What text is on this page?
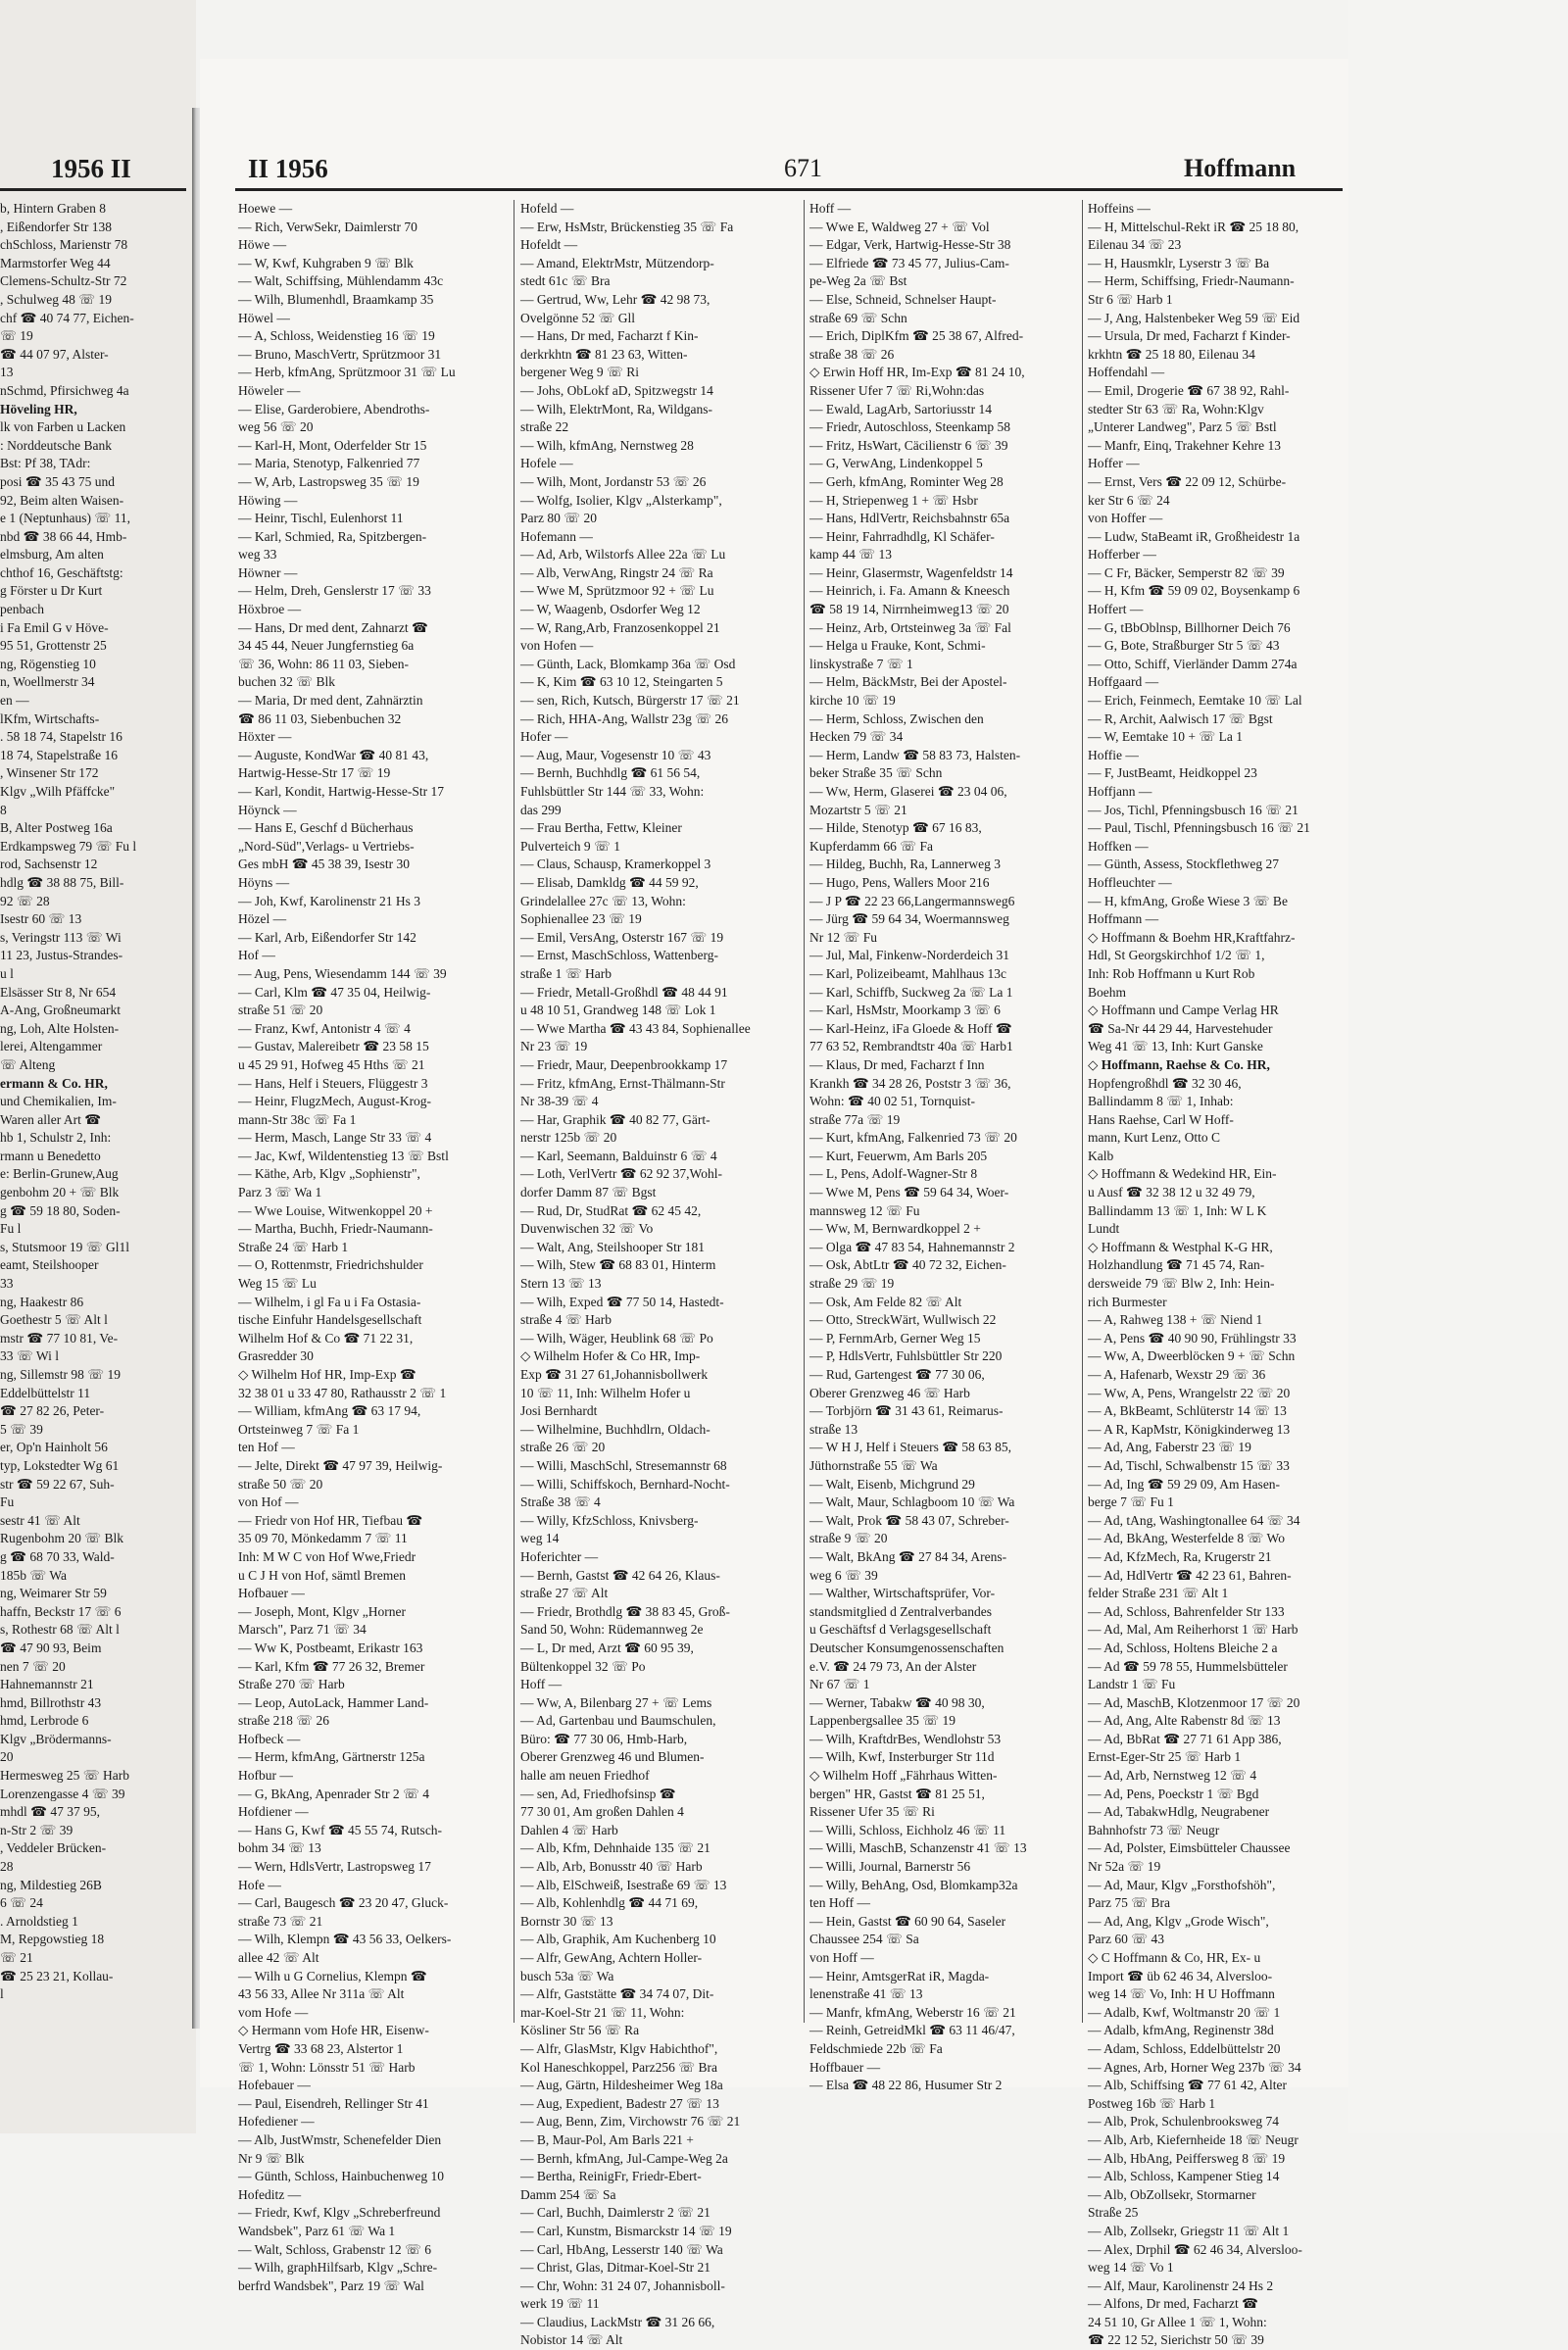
1956 II	II 1956	671	Hoffmann
b, Hintern Graben 8
, Eißendorfer Str 138
chSchloss, Marienstr 78
Marmstorfer Weg 44
Clemens-Schultz-Str 72
, Schulweg 48 ☏ 19
chf ☎ 40 74 77, Eichen-
☏ 19
☎ 44 07 97, Alster-
13
nSchmd, Pfirsichweg 4a
Höveling HR,
lk von Farben u Lacken
: Norddeutsche Bank
Bst: Pf 38, TAdr:
posi ☎ 35 43 75 und
92, Beim alten Waisen-
e 1 (Neptunhaus) ☏ 11,
nbd ☎ 38 66 44, Hmb-
elmsburg, Am alten
chthof 16, Geschäftstg:
g Förster u Dr Kurt
penbach
i Fa Emil G v Höve-
95 51, Grottenstr 25
ng, Rögenstieg 10
n, Woellmerstr 34
en —
lKfm, Wirtschafts-
. 58 18 74, Stapelstr 16
18 74, Stapelstraße 16
, Winsener Str 172
Klgv „Wilh Pfäffcke"
8
B, Alter Postweg 16a
Erdkampsweg 79 ☏ Fu l
rod, Sachsenstr 12
hdlg ☎ 38 88 75, Bill-
92 ☏ 28
Isestr 60 ☏ 13
s, Veringstr 113 ☏ Wi
11 23, Justus-Strandes-
u l
Elsässer Str 8, Nr 654
A-Ang, Großneumarkt
ng, Loh, Alte Holsten-
lerei, Altengammer
☏ Alteng
ermann & Co. HR,
und Chemikalien, Im-
Waren aller Art ☎
hb 1, Schulstr 2, Inh:
rmann u Benedetto
e: Berlin-Grunew,Aug
genbohm 20 + ☏ Blk
g ☎ 59 18 80, Soden-
Fu l
s, Stutsmoor 19 ☏ Gl1l
eamt, Steilshooper
33
ng, Haakestr 86
Goethestr 5 ☏ Alt l
mstr ☎ 77 10 81, Ve-
33 ☏ Wi l
ng, Sillemstr 98 ☏ 19
Eddelbüttelstr 11
☎ 27 82 26, Peter-
5 ☏ 39
er, Op'n Hainholt 56
typ, Lokstedter Wg 61
str ☎ 59 22 67, Suh-
Fu
sestr 41 ☏ Alt
Rugenbohm 20 ☏ Blk
g ☎ 68 70 33, Wald-
185b ☏ Wa
ng, Weimarer Str 59
haffn, Beckstr 17 ☏ 6
s, Rothestr 68 ☏ Alt l
☎ 47 90 93, Beim
nen 7 ☏ 20
Hahnemannstr 21
hmd, Billrothstr 43
hmd, Lerbrode 6
Klgv „Brödermanns-
20
Hermesweg 25 ☏ Harb
Lorenzengasse 4 ☏ 39
mhdl ☎ 47 37 95,
n-Str 2 ☏ 39
, Veddeler Brücken-
28
ng, Mildestieg 26B
6 ☏ 24
. Arnoldstieg 1
M, Repgowstieg 18
☏ 21
☎ 25 23 21, Kollau-
l
Hoewe —
— Rich, VerwSekr, Daimlerstr 70
Höwe —
— W, Kwf, Kuhgraben 9 ☏ Blk
— Walt, Schiffsing, Mühlendamm 43c
— Wilh, Blumenhdl, Braamkamp 35
Höwel —
— A, Schloss, Weidenstieg 16 ☏ 19
— Bruno, MaschVertr, Sprützmoor 31
— Herb, kfmAng, Sprützmoor 31 ☏ Lu
Höweler —
— Elise, Garderobiere, Abendroths-
weg 56 ☏ 20
— Karl-H, Mont, Oderfelder Str 15
— Maria, Stenotyp, Falkenried 77
— W, Arb, Lastropsweg 35 ☏ 19
Höwing —
— Heinr, Tischl, Eulenhorst 11
— Karl, Schmied, Ra, Spitzbergen-
weg 33
Höwner —
— Helm, Dreh, Genslerstr 17 ☏ 33
Höxbroe —
— Hans, Dr med dent, Zahnarzt ☎
34 45 44, Neuer Jungfernstieg 6a
☏ 36, Wohn: 86 11 03, Sieben-
buchen 32 ☏ Blk
— Maria, Dr med dent, Zahnärztin
☎ 86 11 03, Siebenbuchen 32
Höxter —
— Auguste, KondWar ☎ 40 81 43,
Hartwig-Hesse-Str 17 ☏ 19
— Karl, Kondit, Hartwig-Hesse-Str 17
Höynck —
— Hans E, Geschf d Bücherhaus
„Nord-Süd",Verlags- u Vertriebs-
Ges mbH ☎ 45 38 39, Isestr 30
Höyns —
— Joh, Kwf, Karolinenstr 21 Hs 3
Hözel —
— Karl, Arb, Eißendorfer Str 142
Hof —
— Aug, Pens, Wiesendamm 144 ☏ 39
— Carl, Klm ☎ 47 35 04, Heilwig-
straße 51 ☏ 20
— Franz, Kwf, Antonistr 4 ☏ 4
— Gustav, Malereibetr ☎ 23 58 15
u 45 29 91, Hofweg 45 Hths ☏ 21
— Hans, Helf i Steuers, Flüggestr 3
— Heinr, FlugzMech, August-Krog-
mann-Str 38c ☏ Fa 1
— Herm, Masch, Lange Str 33 ☏ 4
— Jac, Kwf, Wildentenstieg 13 ☏ Bstl
— Käthe, Arb, Klgv „Sophienstr",
Parz 3 ☏ Wa 1
— Wwe Louise, Witwenkoppel 20 +
— Martha, Buchh, Friedr-Naumann-
Straße 24 ☏ Harb 1
— O, Rottenmstr, Friedrichshulder
Weg 15 ☏ Lu
— Wilhelm, i gl Fa u i Fa Ostasia-
tische Einfuhr Handelsgesellschaft
Wilhelm Hof & Co ☎ 71 22 31,
Grasredder 30
◇ Wilhelm Hof HR, Imp-Exp ☎
32 38 01 u 33 47 80, Rathausstr 2 ☏ 1
— William, kfmAng ☎ 63 17 94,
Ortsteinweg 7 ☏ Fa 1
ten Hof —
— Jelte, Direkt ☎ 47 97 39, Heilwig-
straße 50 ☏ 20
von Hof —
— Friedr von Hof HR, Tiefbau ☎
35 09 70, Mönkedamm 7 ☏ 11
Inh: M W C von Hof Wwe,Friedr
u C J H von Hof, sämtl Bremen
Hofbauer —
— Joseph, Mont, Klgv „Horner
Marsch", Parz 71 ☏ 34
— Ww K, Postbeamt, Erikastr 163
— Karl, Kfm ☎ 77 26 32, Bremer
Straße 270 ☏ Harb
— Leop, AutoLack, Hammer Land-
straße 218 ☏ 26
Hofbeck —
— Herm, kfmAng, Gärtnerstr 125a
Hofbur —
— G, BkAng, Apenrader Str 2 ☏ 4
Hofdiener —
— Hans G, Kwf ☎ 45 55 74, Rutsch-
bohm 34 ☏ 13
— Wern, HdlsVertr, Lastropsweg 17
Hofe —
— Carl, Baugesch ☎ 23 20 47, Gluck-
straße 73 ☏ 21
— Wilh, Klempn ☎ 43 56 33, Oelkers-
allee 42 ☏ Alt
— Wilh u G Cornelius, Klempn ☎
43 56 33, Allee Nr 311a ☏ Alt
vom Hofe —
◇ Hermann vom Hofe HR, Eisenw-
Vertrg ☎ 33 68 23, Alstertor 1
☏ 1, Wohn: Lönsstr 51 ☏ Harb
Hofebauer —
— Paul, Eisendreh, Rellinger Str 41
Hofediener —
— Alb, JustWmstr, Schenefelder Dien
Nr 9 ☏ Blk
— Günth, Schloss, Hainbuchenweg 10
Hofeditz —
— Friedr, Kwf, Klgv „Schreberfreund
Wandsbek", Parz 61 ☏ Wa 1
— Walt, Schloss, Grabenstr 12 ☏ 6
— Wilh, graphHilfsarb, Klgv „Schre-
berfrd Wandsbek", Parz 19 ☏ Wal
Hofeld —
— Erw, HsMstr, Brückenstieg 35 ☏ Fa
Hofeldt —
— Amand, ElektrMstr, Mützendorp-
stedt 61c ☏ Bra
— Gertrud, Ww, Lehr ☎ 42 98 73,
Ovelgönne 52 ☏ Gll
— Hans, Dr med, Facharzt f Kin-
derkrkhtn ☎ 81 23 63, Witten-
bergener Weg 9 ☏ Ri
— Johs, ObLokf aD, Spitzwegstr 14
— Wilh, ElektrMont, Ra, Wildgans-
straße 22
— Wilh, kfmAng, Nernstweg 28
Hofele —
— Wilh, Mont, Jordanstr 53 ☏ 26
— Wolfg, Isolier, Klgv „Alsterkamp",
Parz 80 ☏ 20
Hofemann —
— Ad, Arb, Wilstorfs Allee 22a ☏ Lu
— Alb, VerwAng, Ringstr 24 ☏ Ra
— Wwe M, Sprützmoor 92 + ☏ Lu
— W, Waagenb, Osdorfer Weg 12
— W, Rang,Arb, Franzosenkoppel 21
von Hofen —
— Günth, Lack, Blomkamp 36a ☏ Osd
— K, Kim ☎ 63 10 12, Steingarten 5
— sen, Rich, Kutsch, Bürgerstr 17 ☏ 21
— Rich, HHA-Ang, Wallstr 23g ☏ 26
Hofer —
— Aug, Maur, Vogesenstr 10 ☏ 43
— Bernh, Buchhdlg ☎ 61 56 54,
Fuhlsbüttler Str 144 ☏ 33, Wohn:
das 299
— Frau Bertha, Fettw, Kleiner
Pulverteich 9 ☏ 1
— Claus, Schausp, Kramerkoppel 3
— Elisab, Damkldg ☎ 44 59 92,
Grindelallee 27c ☏ 13, Wohn:
Sophienallee 23 ☏ 19
— Emil, VersAng, Osterstr 167 ☏ 19
— Ernst, MaschSchloss, Wattenberg-
straße 1 ☏ Harb
— Friedr, Metall-Großhdl ☎ 48 44 91
u 48 10 51, Grandweg 148 ☏ Lok 1
— Wwe Martha ☎ 43 43 84, Sophienallee
Nr 23 ☏ 19
— Friedr, Maur, Deepenbrookkamp 17
— Fritz, kfmAng, Ernst-Thälmann-Str
Nr 38-39 ☏ 4
— Har, Graphik ☎ 40 82 77, Gärt-
nerstr 125b ☏ 20
— Karl, Seemann, Balduinstr 6 ☏ 4
— Loth, VerlVertr ☎ 62 92 37,Wohl-
dorfer Damm 87 ☏ Bgst
— Rud, Dr, StudRat ☎ 62 45 42,
Duvenwischen 32 ☏ Vo
— Walt, Ang, Steilshooper Str 181
— Wilh, Stew ☎ 68 83 01, Hinterm
Stern 13 ☏ 13
— Wilh, Exped ☎ 77 50 14, Hastedt-
straße 4 ☏ Harb
— Wilh, Wäger, Heublink 68 ☏ Po
◇ Wilhelm Hofer & Co HR, Imp-
Exp ☎ 31 27 61,Johannisbollwerk
10 ☏ 11, Inh: Wilhelm Hofer u
Josi Bernhardt
— Wilhelmine, Buchhdlrn, Oldach-
straße 26 ☏ 20
— Willi, MaschSchl, Stresemannstr 68
— Willi, Schiffskoch, Bernhard-Nocht-
Straße 38 ☏ 4
— Willy, KfzSchloss, Knivsberg-
weg 14
Hoferichter —
— Bernh, Gastst ☎ 42 64 26, Klaus-
straße 27 ☏ Alt
— Friedr, Brothdlg ☎ 38 83 45, Groß-
Sand 50, Wohn: Rüdemannweg 2e
— L, Dr med, Arzt ☎ 60 95 39,
Bültenkoppel 32 ☏ Po
Hoff —
— Ww, A, Bilenbarg 27 + ☏ Lems
— Ad, Gartenbau und Baumschulen,
Büro: ☎ 77 30 06, Hmb-Harb,
Oberer Grenzweg 46 und Blumen-
halle am neuen Friedhof
— sen, Ad, Friedhofsinsp ☎
77 30 01, Am großen Dahlen 4
Dahlen 4 ☏ Harb
— Alb, Kfm, Dehnhaide 135 ☏ 21
— Alb, Arb, Bonusstr 40 ☏ Harb
— Alb, ElSchweiß, Isestraße 69 ☏ 13
— Alb, Kohlenhdlg ☎ 44 71 69,
Bornstr 30 ☏ 13
— Alb, Graphik, Am Kuchenberg 10
— Alfr, GewAng, Achtern Holler-
busch 53a ☏ Wa
— Alfr, Gaststätte ☎ 34 74 07, Dit-
mar-Koel-Str 21 ☏ 11, Wohn:
Kösliner Str 56 ☏ Ra
— Alfr, GlasMstr, Klgv Habichthof",
Kol Haneschkoppel, Parz256 ☏ Bra
— Aug, Gärtn, Hildesheimer Weg 18a
— Aug, Expedient, Badestr 27 ☏ 13
— Aug, Benn, Zim, Virchowstr 76 ☏ 21
— B, Maur-Pol, Am Barls 221 +
— Bernh, kfmAng, Jul-Campe-Weg 2a
— Bertha, ReinigFr, Friedr-Ebert-
Damm 254 ☏ Sa
— Carl, Buchh, Daimlerstr 2 ☏ 21
— Carl, Kunstm, Bismarckstr 14 ☏ 19
— Carl, HbAng, Lesserstr 140 ☏ Wa
— Christ, Glas, Ditmar-Koel-Str 21
— Chr, Wohn: 31 24 07, Johannisboll-
werk 19 ☏ 11
— Claudius, LackMstr ☎ 31 26 66,
Nobistor 14 ☏ Alt
Hoff —
— Wwe E, Waldweg 27 + ☏ Vol
— Edgar, Verk, Hartwig-Hesse-Str 38
— Elfriede ☎ 73 45 77, Julius-Cam-
pe-Weg 2a ☏ Bst
— Else, Schneid, Schnelser Haupt-
straße 69 ☏ Schn
— Erich, DiplKfm ☎ 25 38 67, Alfred-
straße 38 ☏ 26
◇ Erwin Hoff HR, Im-Exp ☎ 81 24 10,
Rissener Ufer 7 ☏ Ri,Wohn:das
— Ewald, LagArb, Sartoriusstr 14
— Friedr, Autoschloss, Steenkamp 58
— Fritz, HsWart, Cäcilienstr 6 ☏ 39
— G, VerwAng, Lindenkoppel 5
— Gerh, kfmAng, Rominter Weg 28
— H, Striepenweg 1 + ☏ Hsbr
— Hans, HdlVertr, Reichsbahnstr 65a
— Heinr, Fahrradhdlg, Kl Schäfer-
kamp 44 ☏ 13
— Heinr, Glasermstr, Wagenfeldstr 14
— Heinrich, i. Fa. Amann & Kneesch
☎ 58 19 14, Nirrnheimweg13 ☏ 20
— Heinz, Arb, Ortsteinweg 3a ☏ Fal
— Helga u Frauke, Kont, Schmi-
linskystraße 7 ☏ 1
— Helm, BäckMstr, Bei der Apostel-
kirche 10 ☏ 19
— Herm, Schloss, Zwischen den
Hecken 79 ☏ 34
— Herm, Landw ☎ 58 83 73, Halsten-
beker Straße 35 ☏ Schn
— Ww, Herm, Glaserei ☎ 23 04 06,
Mozartstr 5 ☏ 21
— Hilde, Stenotyp ☎ 67 16 83,
Kupferdamm 66 ☏ Fa
— Hildeg, Buchh, Ra, Lannerweg 3
— Hugo, Pens, Wallers Moor 216
— J P ☎ 22 23 66,Langermannsweg6
— Jürg ☎ 59 64 34, Woermannsweg
Nr 12 ☏ Fu
— Jul, Mal, Finkenw-Norderdeich 31
— Karl, Polizeibeamt, Mahlhaus 13c
— Karl, Schiffb, Suckweg 2a ☏ La 1
— Karl, HsMstr, Moorkamp 3 ☏ 6
— Karl-Heinz, iFa Gloede & Hoff ☎
77 63 52, Rembrandtstr 40a ☏ Harb1
— Klaus, Dr med, Facharzt f Inn
Krankh ☎ 34 28 26, Poststr 3 ☏ 36,
Wohn: ☎ 40 02 51, Tornquist-
straße 77a ☏ 19
— Kurt, kfmAng, Falkenried 73 ☏ 20
— Kurt, Feuerwm, Am Barls 205
— L, Pens, Adolf-Wagner-Str 8
— Wwe M, Pens ☎ 59 64 34, Woer-
mannsweg 12 ☏ Fu
— Ww, M, Bernwardkoppel 2 +
— Olga ☎ 47 83 54, Hahnemannstr 2
— Osk, AbtLtr ☎ 40 72 32, Eichen-
straße 29 ☏ 19
— Osk, Am Felde 82 ☏ Alt
— Otto, StreckWärt, Wullwisch 22
— P, FernmArb, Gerner Weg 15
— P, HdlsVertr, Fuhlsbüttler Str 220
— Rud, Gartengest ☎ 77 30 06,
Oberer Grenzweg 46 ☏ Harb
— Torbjörn ☎ 31 43 61, Reimarus-
straße 13
— W H J, Helf i Steuers ☎ 58 63 85,
Jüthornstraße 55 ☏ Wa
— Walt, Eisenb, Michgrund 29
— Walt, Maur, Schlagboom 10 ☏ Wa
— Walt, Prok ☎ 58 43 07, Schreber-
straße 9 ☏ 20
— Walt, BkAng ☎ 27 84 34, Arens-
weg 6 ☏ 39
— Walther, Wirtschaftsprüfer, Vor-
standsmitglied d Zentralverbandes
u Geschäftsf d Verlagsgesellschaft
Deutscher Konsumgenossenschaften
e.V. ☎ 24 79 73, An der Alster
Nr 67 ☏ 1
— Werner, Tabakw ☎ 40 98 30,
Lappenbergsallee 35 ☏ 19
— Wilh, KraftdrBes, Wendlohstr 53
— Wilh, Kwf, Insterburger Str 11d
◇ Wilhelm Hoff „Fährhaus Witten-
bergen" HR, Gastst ☎ 81 25 51,
Rissener Ufer 35 ☏ Ri
— Willi, Schloss, Eichholz 46 ☏ 11
— Willi, MaschB, Schanzenstr 41 ☏ 13
— Willi, Journal, Barnerstr 56
— Willy, BehAng, Osd, Blomkamp32a
ten Hoff —
— Hein, Gastst ☎ 60 90 64, Saseler
Chaussee 254 ☏ Sa
von Hoff —
— Heinr, AmtsgerRat iR, Magda-
lenenstraße 41 ☏ 13
— Manfr, kfmAng, Weberstr 16 ☏ 21
— Reinh, GetreidMkl ☎ 63 11 46/47,
Feldschmiede 22b ☏ Fa
Hoffbauer —
— Elsa ☎ 48 22 86, Husumer Str 2
Hoffeins —
— H, Mittelschul-Rekt iR ☎ 25 18 80,
Eilenau 34 ☏ 23
— H, Hausmklr, Lyserstr 3 ☏ Ba
— Herm, Schiffsing, Friedr-Naumann-
Str 6 ☏ Harb 1
— J, Ang, Halstenbeker Weg 59 ☏ Eid
— Ursula, Dr med, Facharzt f Kinder-
krkhtn ☎ 25 18 80, Eilenau 34
Hoffendahl —
— Emil, Drogerie ☎ 67 38 92, Rahl-
stedter Str 63 ☏ Ra, Wohn:Klgv
„Unterer Landweg", Parz 5 ☏ Bstl
— Manfr, Einq, Trakehner Kehre 13
Hoffer —
— Ernst, Vers ☎ 22 09 12, Schürbe-
ker Str 6 ☏ 24
von Hoffer —
— Ludw, StaBeamt iR, Großheidestr 1a
Hofferber —
— C Fr, Bäcker, Semperstr 82 ☏ 39
— H, Kfm ☎ 59 09 02, Boysenkamp 6
Hoffert —
— G, tBbOblnsp, Billhorner Deich 76
— G, Bote, Straßburger Str 5 ☏ 43
— Otto, Schiff, Vierländer Damm 274a
Hoffgaard —
— Erich, Feinmech, Eemtake 10 ☏ Lal
— R, Archit, Aalwisch 17 ☏ Bgst
— W, Eemtake 10 + ☏ La 1
Hoffie —
— F, JustBeamt, Heidkoppel 23
Hoffjann —
— Jos, Tichl, Pfenningsbusch 16 ☏ 21
— Paul, Tischl, Pfenningsbusch 16 ☏ 21
Hoffken —
— Günth, Assess, Stockflethweg 27
Hoffleuchter —
— H, kfmAng, Große Wiese 3 ☏ Be
Hoffmann —
◇ Hoffmann & Boehm HR,Kraftfahrz-
Hdl, St Georgskirchhof 1/2 ☏ 1,
Inh: Rob Hoffmann u Kurt Rob
Boehm
◇ Hoffmann und Campe Verlag HR
☎ Sa-Nr 44 29 44, Harvestehuder
Weg 41 ☏ 13, Inh: Kurt Ganske
◇ Hoffmann, Raehse & Co. HR,
Hopfengroßhdl ☎ 32 30 46,
Ballindamm 8 ☏ 1, Inhab:
Hans Raehse, Carl W Hoff-
mann, Kurt Lenz, Otto C
Kalb
◇ Hoffmann & Wedekind HR, Ein-
u Ausf ☎ 32 38 12 u 32 49 79,
Ballindamm 13 ☏ 1, Inh: W L K
Lundt
◇ Hoffmann & Westphal K-G HR,
Holzhandlung ☎ 71 45 74, Ran-
dersweide 79 ☏ Blw 2, Inh: Hein-
rich Burmester
— A, Rahweg 138 + ☏ Niend 1
— A, Pens ☎ 40 90 90, Frühlingstr 33
— Ww, A, Dweerblöcken 9 + ☏ Schn
— A, Hafenarb, Wexstr 29 ☏ 36
— Ww, A, Pens, Wrangelstr 22 ☏ 20
— A, BkBeamt, Schlüterstr 14 ☏ 13
— A R, KapMstr, Königkinderweg 13
— Ad, Ang, Faberstr 23 ☏ 19
— Ad, Tischl, Schwalbenstr 15 ☏ 33
— Ad, Ing ☎ 59 29 09, Am Hasen-
berge 7 ☏ Fu 1
— Ad, tAng, Washingtonallee 64 ☏ 34
— Ad, BkAng, Westerfelde 8 ☏ Wo
— Ad, KfzMech, Ra, Krugerstr 21
— Ad, HdlVertr ☎ 42 23 61, Bahren-
felder Straße 231 ☏ Alt 1
— Ad, Schloss, Bahrenfelder Str 133
— Ad, Mal, Am Reiherhorst 1 ☏ Harb
— Ad, Schloss, Holtens Bleiche 2 a
— Ad ☎ 59 78 55, Hummelsbütteler
Landstr 1 ☏ Fu
— Ad, MaschB, Klotzenmoor 17 ☏ 20
— Ad, Ang, Alte Rabenstr 8d ☏ 13
— Ad, BbRat ☎ 27 71 61 App 386,
Ernst-Eger-Str 25 ☏ Harb 1
— Ad, Arb, Nernstweg 12 ☏ 4
— Ad, Pens, Poeckstr 1 ☏ Bgd
— Ad, TabakwHdlg, Neugrabener
Bahnhofstr 73 ☏ Neugr
— Ad, Polster, Eimsbütteler Chaussee
Nr 52a ☏ 19
— Ad, Maur, Klgv „Forsthofshöh",
Parz 75 ☏ Bra
— Ad, Ang, Klgv „Grode Wisch",
Parz 60 ☏ 43
◇ C Hoffmann & Co, HR, Ex- u
Import ☎ üb 62 46 34, Alversloo-
weg 14 ☏ Vo, Inh: H U Hoffmann
— Adalb, Kwf, Woltmanstr 20 ☏ 1
— Adalb, kfmAng, Reginenstr 38d
— Adam, Schloss, Eddelbüttelstr 20
— Agnes, Arb, Horner Weg 237b ☏ 34
— Alb, Schiffsing ☎ 77 61 42, Alter
Postweg 16b ☏ Harb 1
— Alb, Prok, Schulenbrooksweg 74
— Alb, Arb, Kiefernheide 18 ☏ Neugr
— Alb, HbAng, Peiffersweg 8 ☏ 19
— Alb, Schloss, Kampener Stieg 14
— Alb, ObZollsekr, Stormarner
Straße 25
— Alb, Zollsekr, Griegstr 11 ☏ Alt 1
— Alex, Drphil ☎ 62 46 34, Alversloo-
weg 14 ☏ Vo 1
— Alf, Maur, Karolinenstr 24 Hs 2
— Alfons, Dr med, Facharzt ☎
24 51 10, Gr Allee 1 ☏ 1, Wohn:
☎ 22 12 52, Sierichstr 50 ☏ 39
